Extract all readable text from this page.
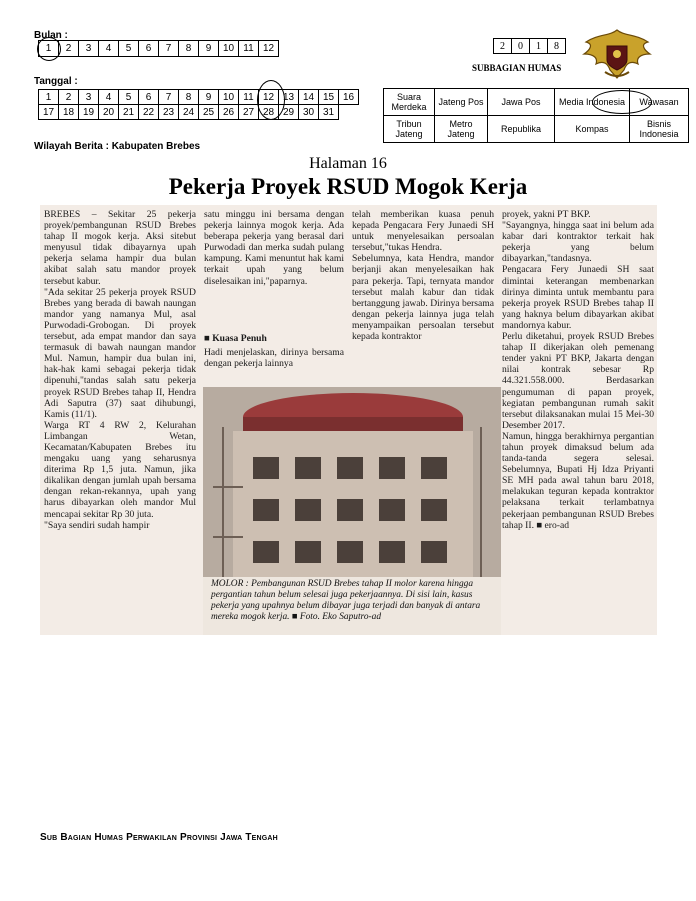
Bulan :
1	2	3	4	5	6	7	8	9	10	11	12
Tanggal :
1	2	3	4	5	6	7	8	9	10	11	12	13	14	15	16
17	18	19	20	21	22	23	24	25	26	27	28	29	30	31	
2	0	1	8
SUBBAGIAN HUMAS
Suara Merdeka	Jateng Pos	Jawa Pos	Media Indonesia	Wawasan
Tribun Jateng	Metro Jateng	Republika	Kompas	Bisnis Indonesia
Wilayah Berita : Kabupaten Brebes
Halaman 16
Pekerja Proyek RSUD Mogok Kerja
BREBES – Sekitar 25 pekerja proyek/pembangunan RSUD Brebes tahap II mogok kerja. Aksi sitebut menyusul tidak dibayarnya upah pekerja selama hampir dua bulan akibat salah satu mandor proyek tersebut kabur.
"Ada sekitar 25 pekerja proyek RSUD Brebes yang berada di bawah naungan mandor yang namanya Mul, asal Purwodadi-Grobogan. Di proyek tersebut, ada empat mandor dan saya termasuk di bawah naungan mandor Mul. Namun, hampir dua bulan ini, hak-hak kami sebagai pekerja tidak dipenuhi,"tandas salah satu pekerja proyek RSUD Brebes tahap II, Hendra Adi Saputra (37) saat dihubungi, Kamis (11/1).
Warga RT 4 RW 2, Kelurahan Limbangan Wetan, Kecamatan/Kabupaten Brebes itu mengaku uang yang seharusnya diterima Rp 1,5 juta. Namun, jika dikalikan dengan jumlah upah bersama dengan rekan-rekannya, upah yang harus dibayarkan oleh mandor Mul mencapai sekitar Rp 30 juta.
"Saya sendiri sudah hampir
satu minggu ini bersama dengan pekerja lainnya mogok kerja. Ada beberapa pekerja yang berasal dari Purwodadi dan merka sudah pulang kampung. Kami menuntut hak kami terkait upah yang belum diselesaikan ini,"paparnya.
■ Kuasa Penuh
Hadi menjelaskan, dirinya bersama dengan pekerja lainnya
telah memberikan kuasa penuh kepada Pengacara Fery Junaedi SH untuk menyelesaikan persoalan tersebut,"tukas Hendra.
Sebelumnya, kata Hendra, mandor berjanji akan menyelesaikan hak para pekerja. Tapi, ternyata mandor tersebut malah kabur dan tidak bertanggung jawab. Dirinya bersama dengan pekerja lainnya juga telah menyampaikan persoalan tersebut kepada kontraktor
proyek, yakni PT BKP.
"Sayangnya, hingga saat ini belum ada kabar dari kontraktor terkait hak pekerja yang belum dibayarkan,"tandasnya.
Pengacara Fery Junaedi SH saat dimintai keterangan membenarkan dirinya diminta untuk membantu para pekerja proyek RSUD Brebes tahap II yang haknya belum dibayarkan akibat mandornya kabur.
Perlu diketahui, proyek RSUD Brebes tahap II dikerjakan oleh pemenang tender yakni PT BKP, Jakarta dengan nilai kontrak sebesar Rp 44.321.558.000. Berdasarkan pengumuman di papan proyek, kegiatan pembangunan rumah sakit tersebut dilaksanakan mulai 15 Mei-30 Desember 2017.
Namun, hingga berakhirnya pergantian tahun proyek dimaksud belum ada tanda-tanda segera selesai. Sebelumnya, Bupati Hj Idza Priyanti SE MH pada awal tahun baru 2018, melakukan teguran kepada kontraktor pelaksana terkait terlambatnya pekerjaan pembangunan RSUD Brebes tahap II. ■ ero-ad
MOLOR : Pembangunan RSUD Brebes tahap II molor karena hingga pergantian tahun belum selesai juga pekerjaannya. Di sisi lain, kasus pekerja yang upahnya belum dibayar juga terjadi dan banyak di antara mereka mogok kerja. ■ Foto. Eko Saputro-ad
Sub Bagian Humas Perwakilan Provinsi Jawa Tengah
